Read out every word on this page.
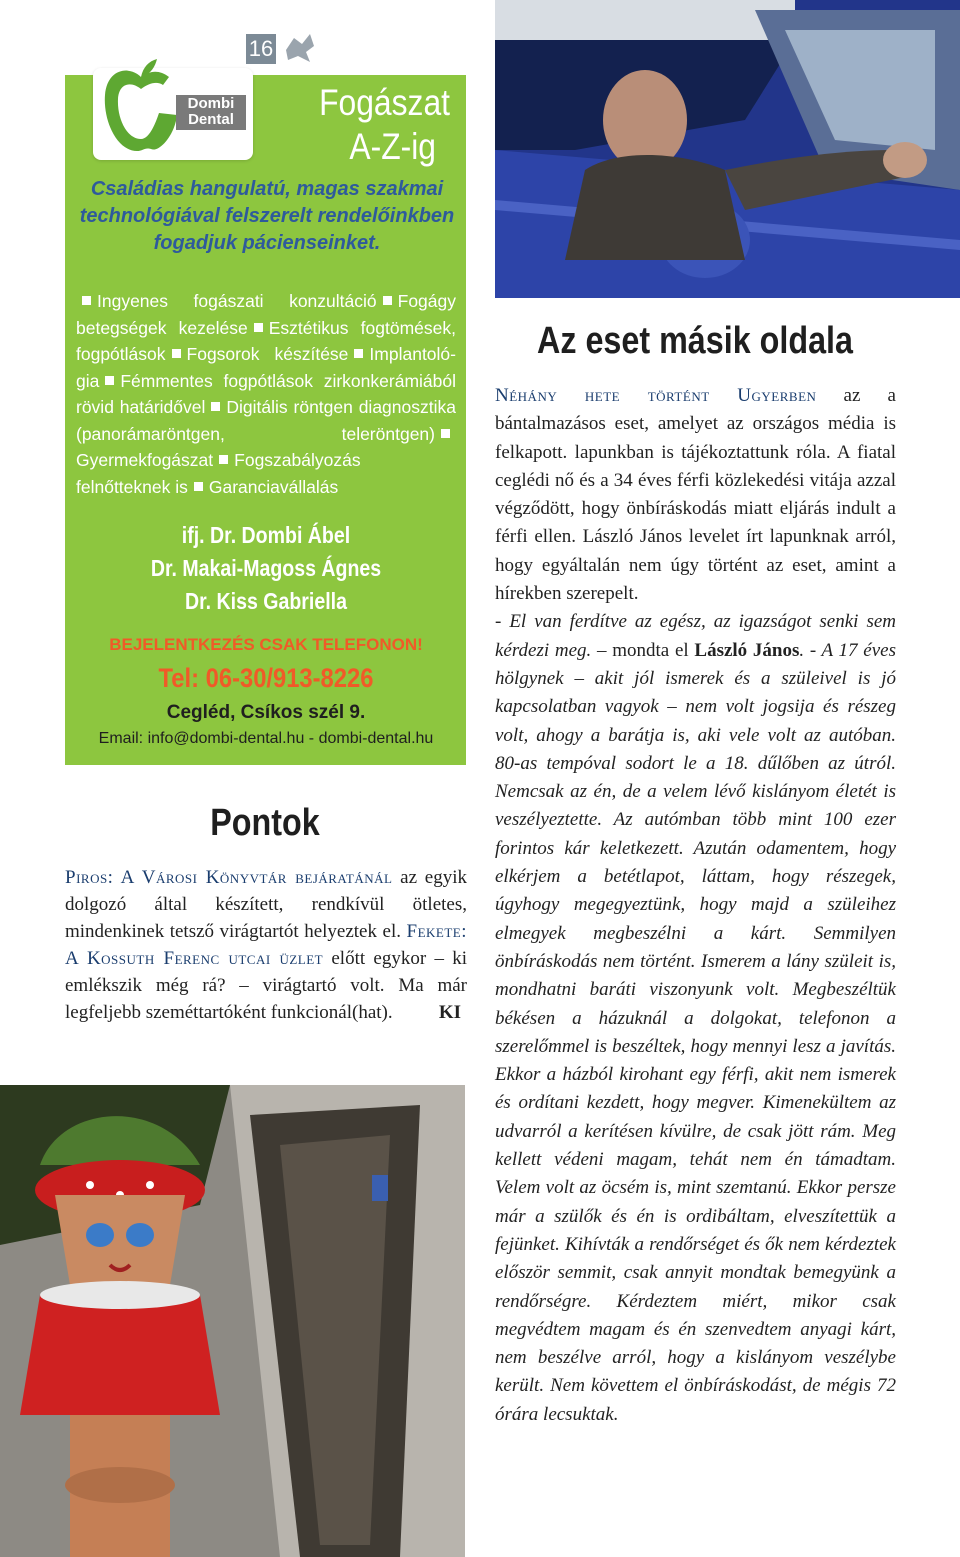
16
Dombi
Dental	Fogászat
A-Z-ig
Családias hangulatú, magas szakmai technológiával felszerelt rendelőinkben fogadjuk pácienseinket.
Ingyenes fogászati konzultáció Fogágy betegségek kezelése Esztétikus fogtömések, fogpótlások Fogsorok készítése Implantológia Fémmentes fogpótlások zirkonkerámiából rövid határidővel Digitális röntgen diagnosztika (panorámaröntgen, teleröntgen)Gyermekfogászat Fogszabályozás felnőtteknek is Garanciavállalás
ifj. Dr. Dombi Ábel
Dr. Makai-Magoss Ágnes
Dr. Kiss Gabriella
BEJELENTKEZÉS CSAK TELEFONON!
Tel: 06-30/913-8226
Cegléd, Csíkos szél 9.
Email: info@dombi-dental.hu - dombi-dental.hu
Pontok
Piros: A Városi Könyvtár bejáratánál az egyik dolgozó által készített, rendkívül ötletes, mindenkinek tetsző virágtartót helyeztek el. Fekete: A Kossuth Ferenc utcai üzlet előtt egykor – ki emlékszik még rá? – virágtartó volt. Ma már legfeljebb szeméttartóként funkcionál(hat). KI
Az eset másik oldala
Néhány hete történt Ugyerben az a bántalmazásos eset, amelyet az országos média is felkapott. lapunkban is tájékoztattunk róla. A fiatal ceglédi nő és a 34 éves férfi közlekedési vitája azzal végződött, hogy önbíráskodás miatt eljárás indult a férfi ellen. László János levelet írt lapunknak arról, hogy egyáltalán nem úgy történt az eset, amint a hírekben szerepelt.
- El van ferdítve az egész, az igazságot senki sem kérdezi meg. – mondta el László János. - A 17 éves hölgynek – akit jól ismerek és a szüleivel is jó kapcsolatban vagyok – nem volt jogsija és részeg volt, ahogy a barátja is, aki vele volt az autóban. 80-as tempóval sodort le a 18. dűlőben az útról. Nemcsak az én, de a velem lévő kislányom életét is veszélyeztette. Az autómban több mint 100 ezer forintos kár keletkezett. Azután odamentem, hogy elkérjem a betétlapot, láttam, hogy részegek, úgyhogy megegyeztünk, hogy majd a szüleihez elmegyek megbeszélni a kárt. Semmilyen önbíráskodás nem történt. Ismerem a lány szüleit is, mondhatni baráti viszonyunk volt. Megbeszéltük békésen a házuknál a dolgokat, telefonon a szerelőmmel is beszéltek, hogy mennyi lesz a javítás. Ekkor a házból kirohant egy férfi, akit nem ismerek és ordítani kezdett, hogy megver. Kimenekültem az udvarról a kerítésen kívülre, de csak jött rám. Meg kellett védeni magam, tehát nem én támadtam. Velem volt az öcsém is, mint szemtanú. Ekkor persze már a szülők és én is ordibáltam, elveszítettük a fejünket. Kihívták a rendőrséget és ők nem kérdeztek először semmit, csak annyit mondtak bemegyünk a rendőrségre. Kérdeztem miért, mikor csak megvédtem magam és én szenvedtem anyagi kárt, nem beszélve arról, hogy a kislányom veszélybe került. Nem követtem el önbíráskodást, de mégis 72 órára lecsuktak.
